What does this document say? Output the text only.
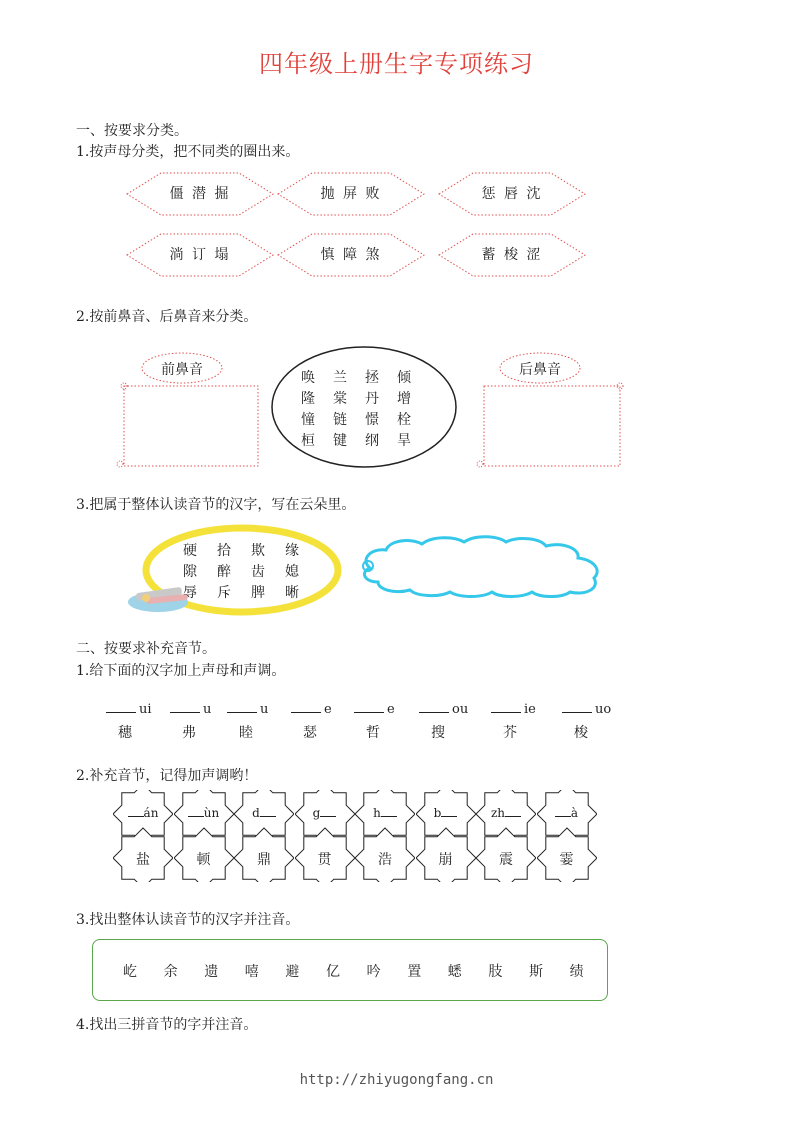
四年级上册生字专项练习
一、按要求分类。
1.按声母分类，把不同类的圈出来。
僵 潜 掘	抛 屏 败	惩 唇 沈
淌 订 塌	慎 障 煞	蓄 梭 涩
2.按前鼻音、后鼻音来分类。
前鼻音	唤 兰 拯 倾
隆 棠 丹 增
憧 链 憬 栓
桓 键 纲 旱
后鼻音
3.把属于整体认读音节的汉字，写在云朵里。
硬 拾 欺 缘
隙 醉 齿 媳
辱 斥 脾 晰
二、按要求补充音节。
1.给下面的汉字加上声母和声调。
ui
穗
u
弗
u
睦
e
瑟
e
哲
ou
搜
ie
芥
uo
梭
2.补充音节，记得加声调哟！
án
盐
ùn
顿
d
鼎
g
贯
h
浩
b
崩
zh
震
à
霎
3.找出整体认读音节的汉字并注音。
屹 余 遗 嘻 避 亿 吟 置 蟋 肢 斯 绩
4.找出三拼音节的字并注音。
http://zhiyugongfang.cn
